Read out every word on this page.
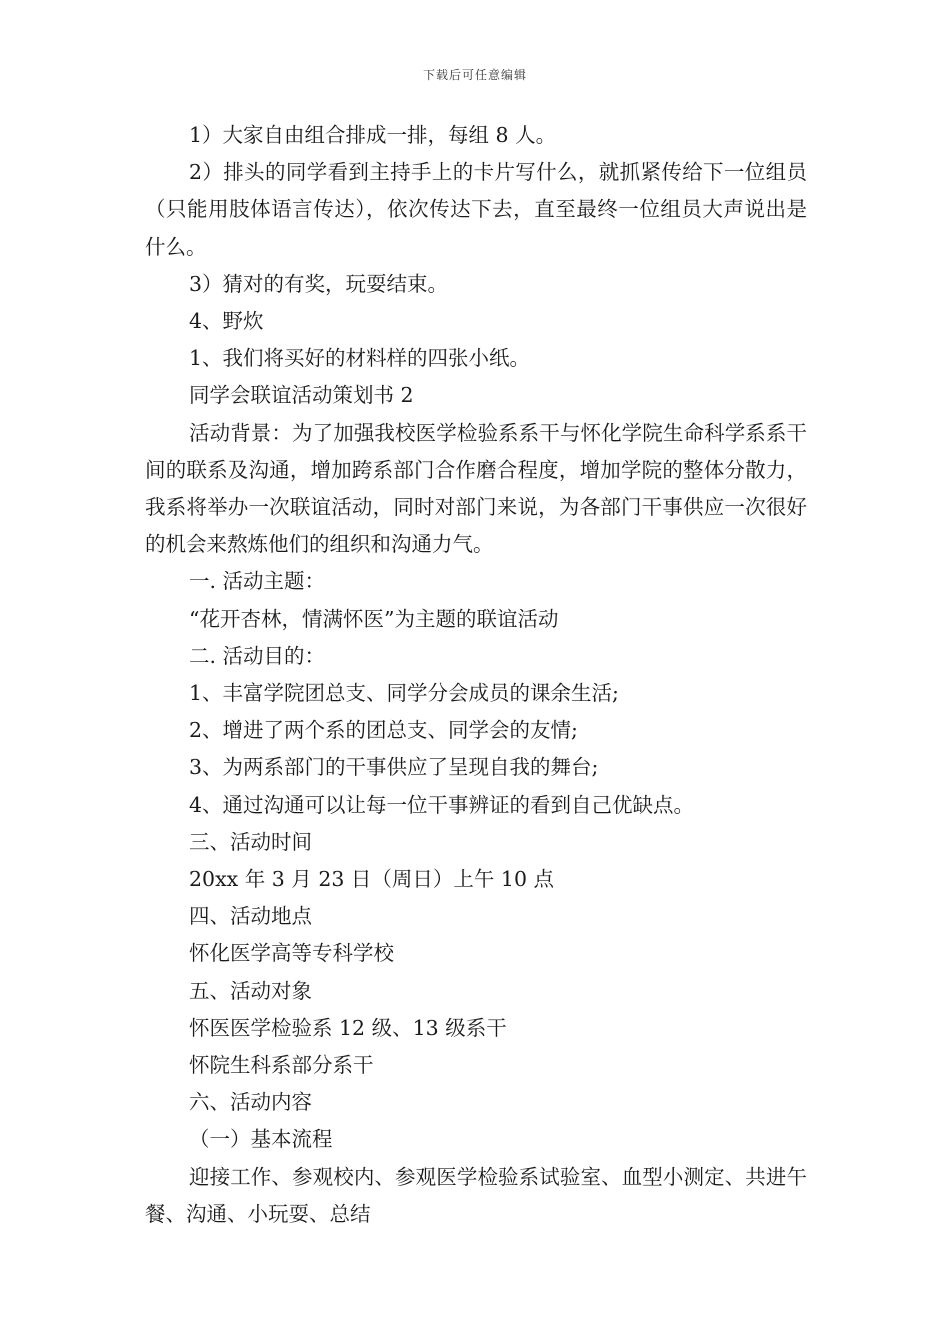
下载后可任意编辑

1）大家自由组合排成一排，每组 8 人。

2）排头的同学看到主持手上的卡片写什么，就抓紧传给下一位组员（只能用肢体语言传达），依次传达下去，直至最终一位组员大声说出是什么。

3）猜对的有奖，玩耍结束。

4、野炊

1、我们将买好的材料样的四张小纸。

同学会联谊活动策划书 2

活动背景：为了加强我校医学检验系系干与怀化学院生命科学系系干间的联系及沟通，增加跨系部门合作磨合程度，增加学院的整体分散力，我系将举办一次联谊活动，同时对部门来说，为各部门干事供应一次很好的机会来熬炼他们的组织和沟通力气。

一. 活动主题：

“花开杏林，情满怀医”为主题的联谊活动

二. 活动目的：

1、丰富学院团总支、同学分会成员的课余生活;

2、增进了两个系的团总支、同学会的友情;

3、为两系部门的干事供应了呈现自我的舞台;

4、通过沟通可以让每一位干事辨证的看到自己优缺点。

三、活动时间

20xx 年 3 月 23 日（周日）上午 10 点

四、活动地点

怀化医学高等专科学校

五、活动对象

怀医医学检验系 12 级、13 级系干

怀院生科系部分系干

六、活动内容

（一）基本流程

迎接工作、参观校内、参观医学检验系试验室、血型小测定、共进午餐、沟通、小玩耍、总结
